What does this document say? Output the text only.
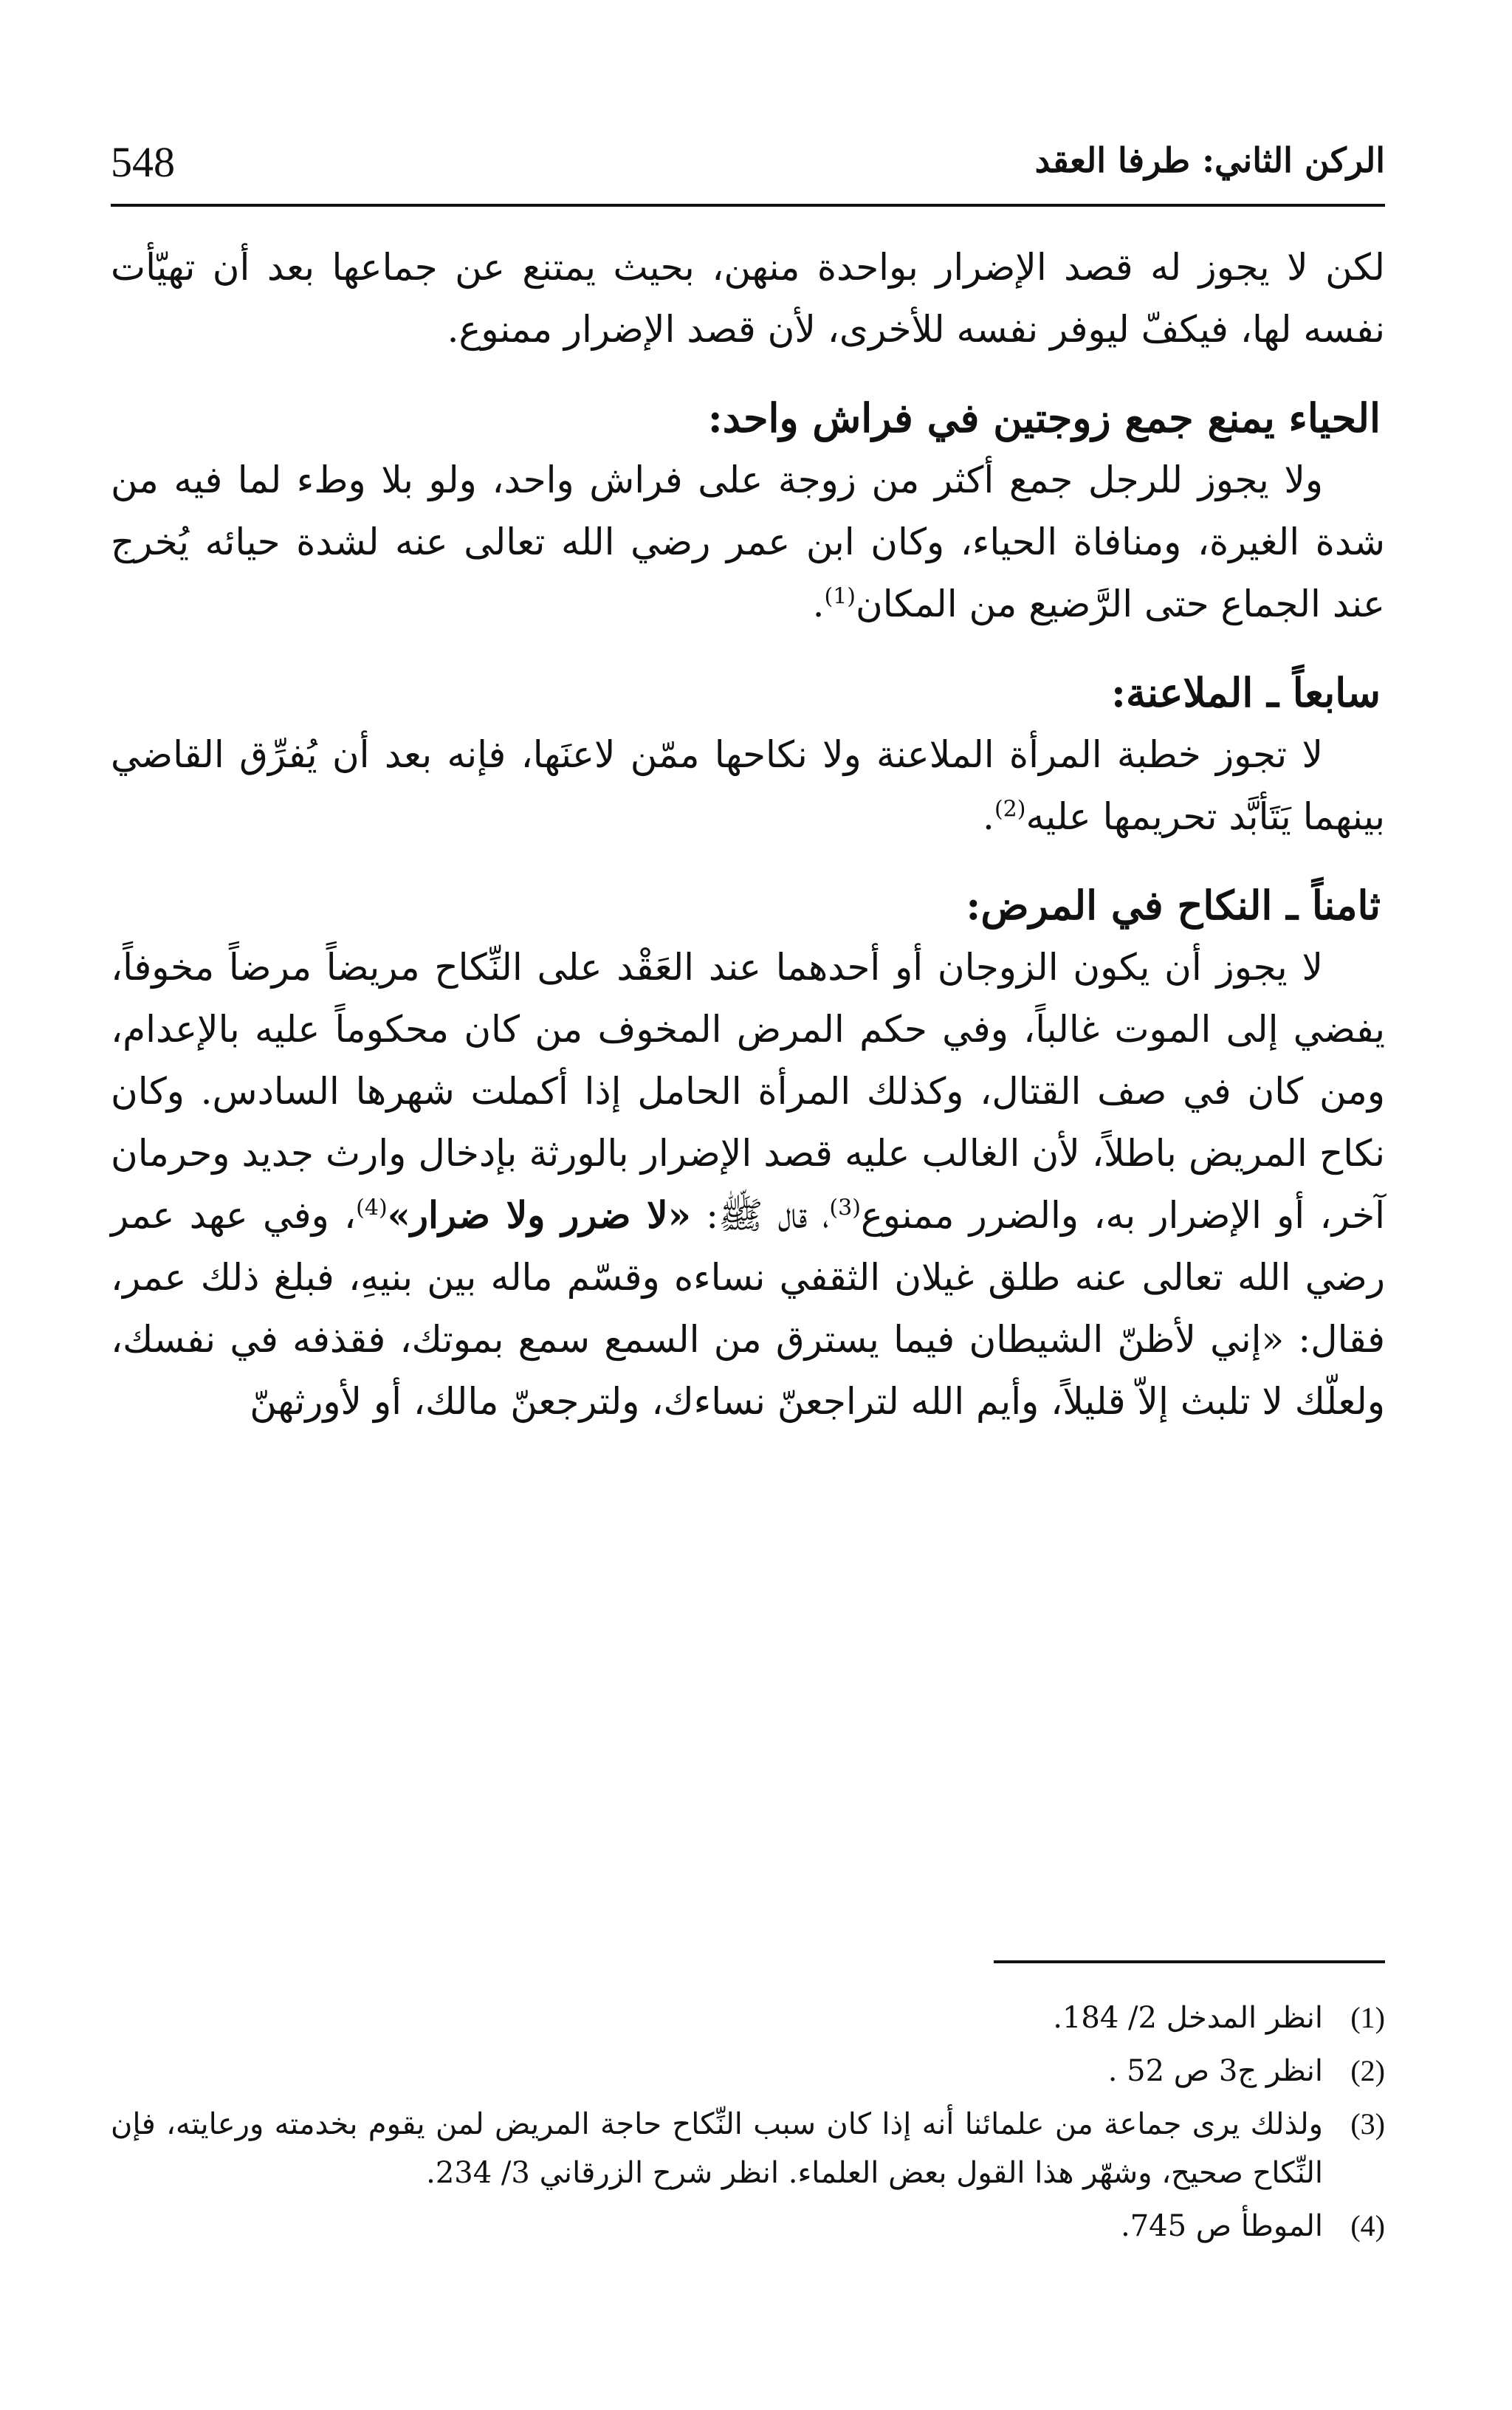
548	الركن الثاني: طرفا العقد

لكن لا يجوز له قصد الإضرار بواحدة منهن، بحيث يمتنع عن جماعها بعد أن تهيّأت نفسه لها، فيكفّ ليوفر نفسه للأخرى، لأن قصد الإضرار ممنوع.

الحياء يمنع جمع زوجتين في فراش واحد:

ولا يجوز للرجل جمع أكثر من زوجة على فراش واحد، ولو بلا وطء لما فيه من شدة الغيرة، ومنافاة الحياء، وكان ابن عمر رضي الله تعالى عنه لشدة حيائه يُخرج عند الجماع حتى الرَّضيع من المكان$^{(1)}$.

سابعاً ـ الملاعنة:

لا تجوز خطبة المرأة الملاعنة ولا نكاحها ممّن لاعنَها، فإنه بعد أن يُفرِّق القاضي بينهما يَتَأبَّد تحريمها عليه$^{(2)}$.

ثامناً ـ النكاح في المرض:

لا يجوز أن يكون الزوجان أو أحدهما عند العَقْد على النِّكاح مريضاً مرضاً مخوفاً، يفضي إلى الموت غالباً، وفي حكم المرض المخوف من كان محكوماً عليه بالإعدام، ومن كان في صف القتال، وكذلك المرأة الحامل إذا أكملت شهرها السادس. وكان نكاح المريض باطلاً، لأن الغالب عليه قصد الإضرار بالورثة بإدخال وارث جديد وحرمان آخر، أو الإضرار به، والضرر ممنوع$^{(3)}$، قال ﷺ: «لا ضرر ولا ضرار»$^{(4)}$، وفي عهد عمر رضي الله تعالى عنه طلق غيلان الثقفي نساءه وقسّم ماله بين بنيهِ، فبلغ ذلك عمر، فقال: «إني لأظنّ الشيطان فيما يسترق من السمع سمع بموتك، فقذفه في نفسك، ولعلّك لا تلبث إلاّ قليلاً، وأيم الله لتراجعنّ نساءك، ولترجعنّ مالك، أو لأورثهنّ

(1)
انظر المدخل 2/ 184.
(2)
انظر ج3 ص 52 .
(3)
ولذلك يرى جماعة من علمائنا أنه إذا كان سبب النِّكاح حاجة المريض لمن يقوم بخدمته ورعايته، فإن النِّكاح صحيح، وشهّر هذا القول بعض العلماء. انظر شرح الزرقاني 3/ 234.
(4)
الموطأ ص 745.
